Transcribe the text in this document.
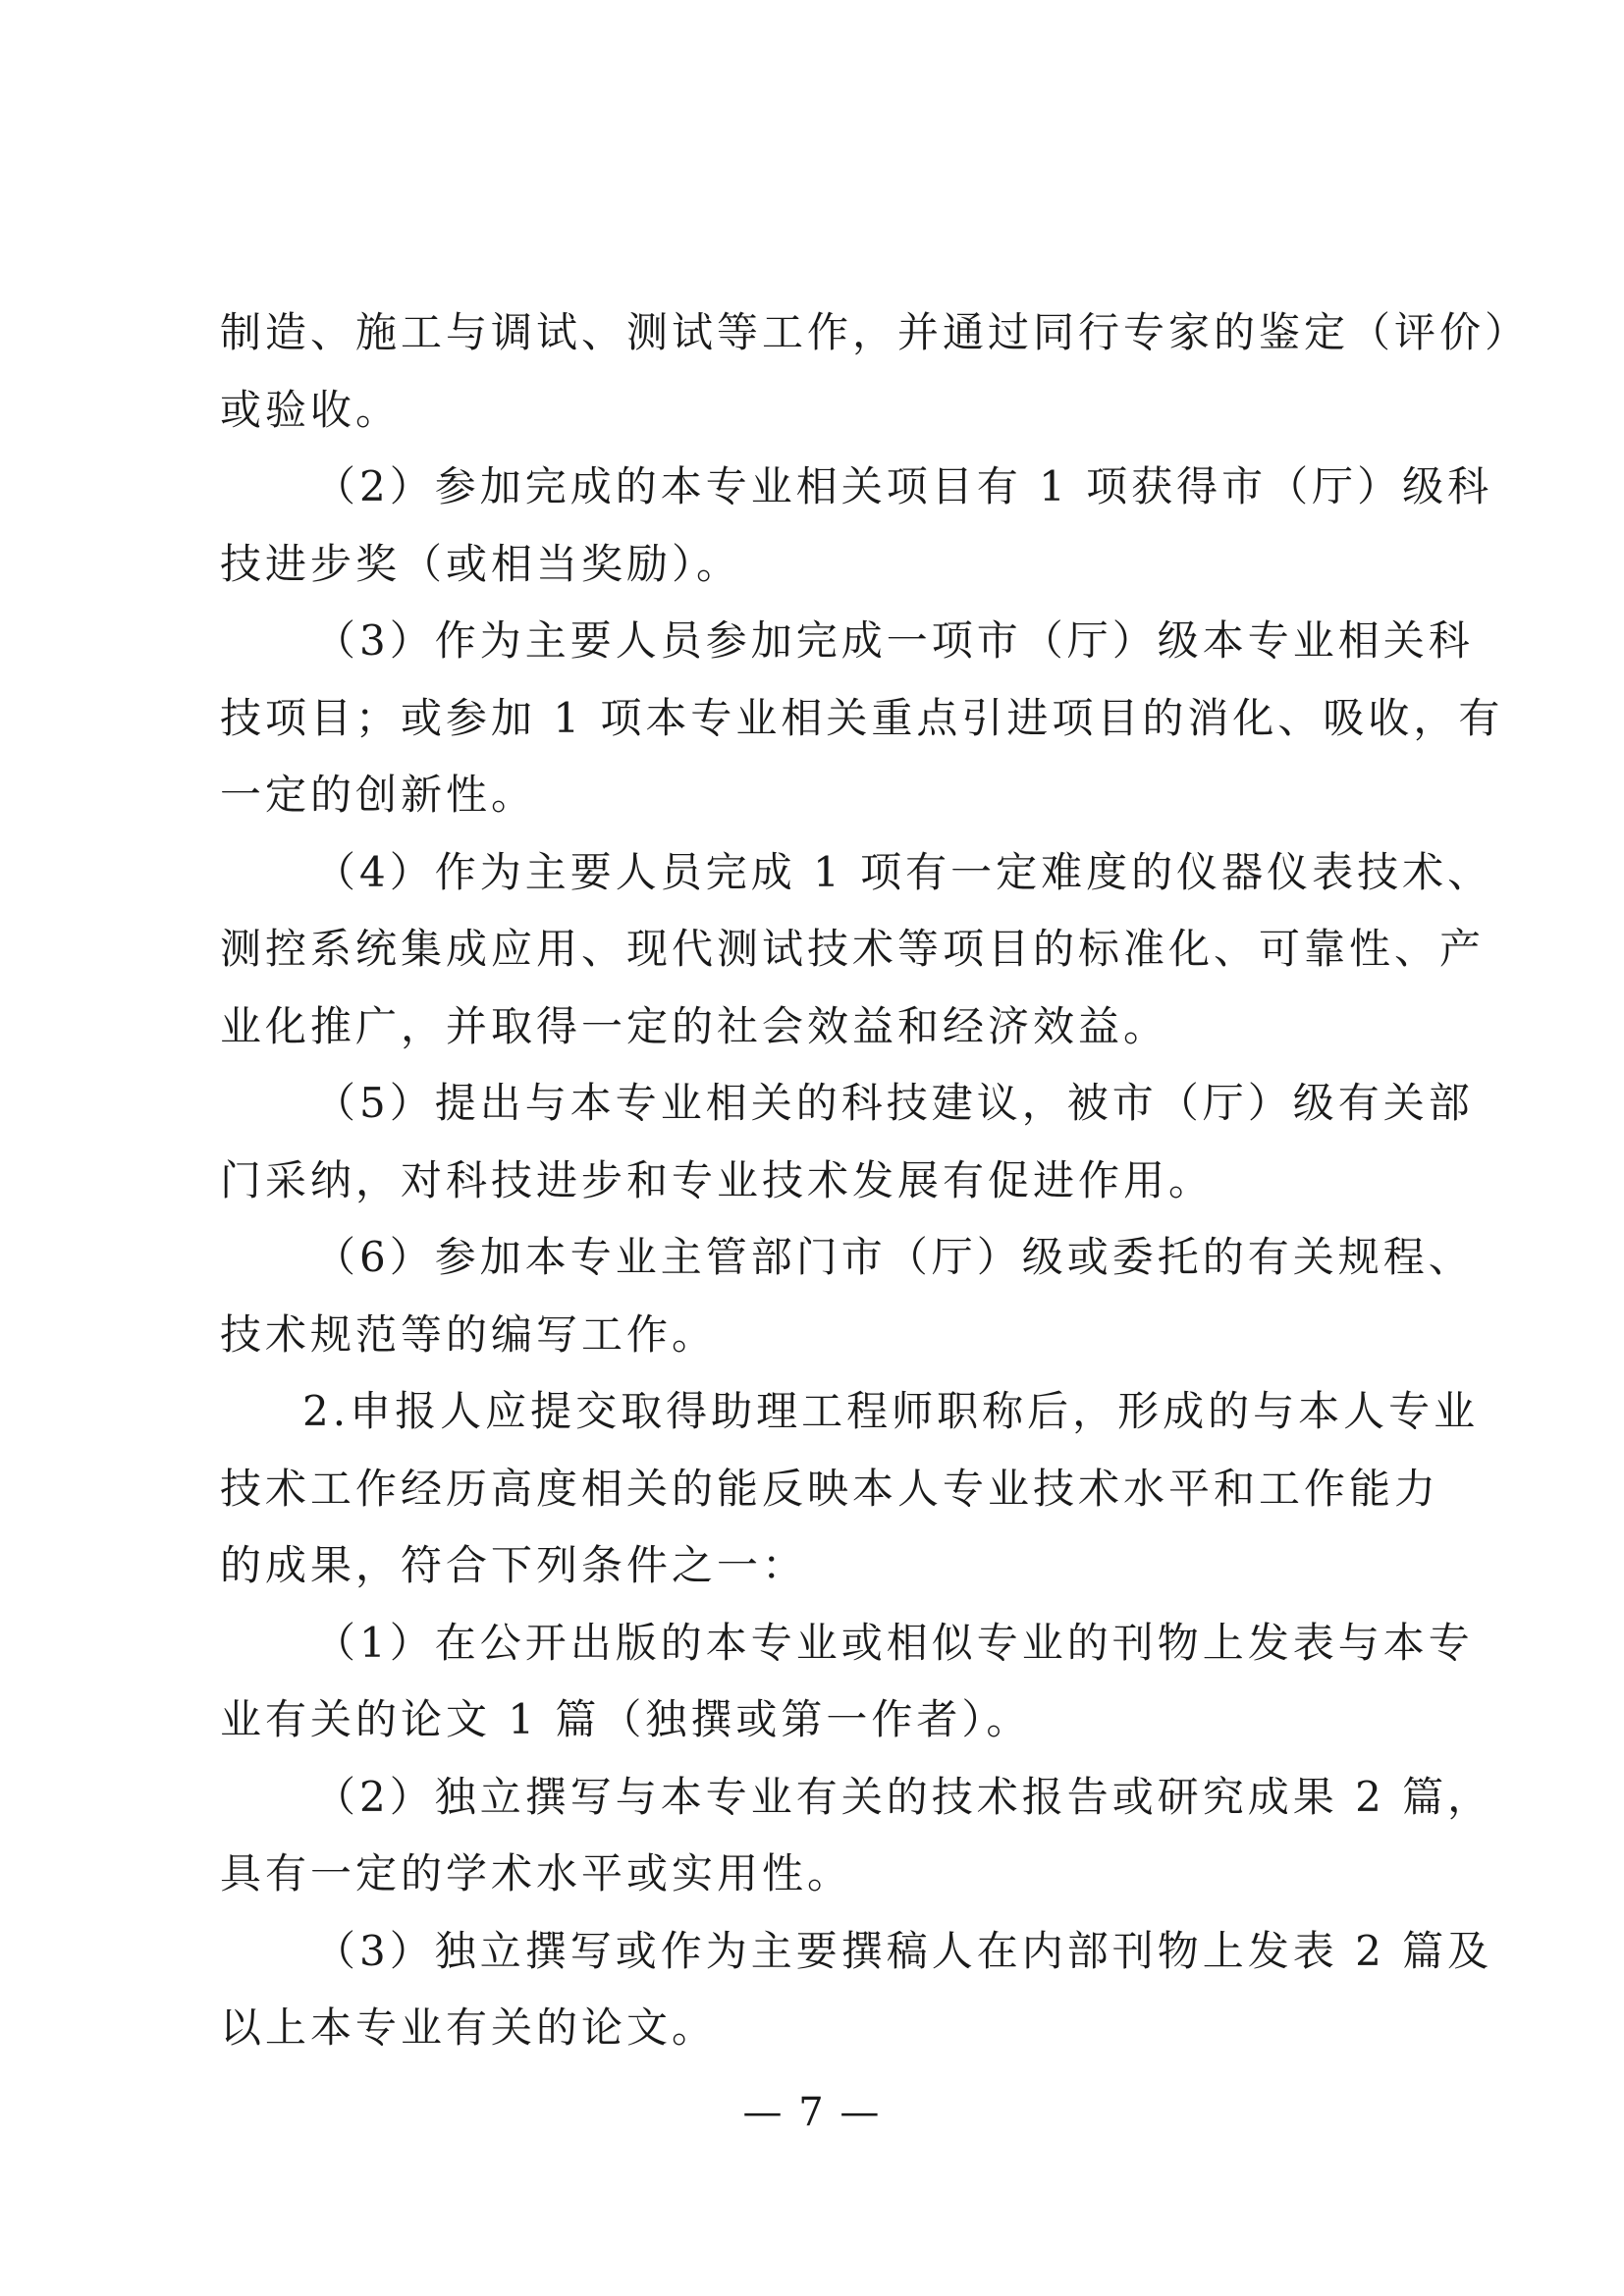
制造、施工与调试、测试等工作，并通过同行专家的鉴定（评价）
或验收。

（2）参加完成的本专业相关项目有 1 项获得市（厅）级科
技进步奖（或相当奖励）。

（3）作为主要人员参加完成一项市（厅）级本专业相关科
技项目；或参加 1 项本专业相关重点引进项目的消化、吸收，有
一定的创新性。

（4）作为主要人员完成 1 项有一定难度的仪器仪表技术、
测控系统集成应用、现代测试技术等项目的标准化、可靠性、产
业化推广，并取得一定的社会效益和经济效益。

（5）提出与本专业相关的科技建议，被市（厅）级有关部
门采纳，对科技进步和专业技术发展有促进作用。

（6）参加本专业主管部门市（厅）级或委托的有关规程、
技术规范等的编写工作。

2.申报人应提交取得助理工程师职称后，形成的与本人专业
技术工作经历高度相关的能反映本人专业技术水平和工作能力
的成果，符合下列条件之一：

（1）在公开出版的本专业或相似专业的刊物上发表与本专
业有关的论文 1 篇（独撰或第一作者）。

（2）独立撰写与本专业有关的技术报告或研究成果 2 篇，
具有一定的学术水平或实用性。

（3）独立撰写或作为主要撰稿人在内部刊物上发表 2 篇及
以上本专业有关的论文。

— 7 —
